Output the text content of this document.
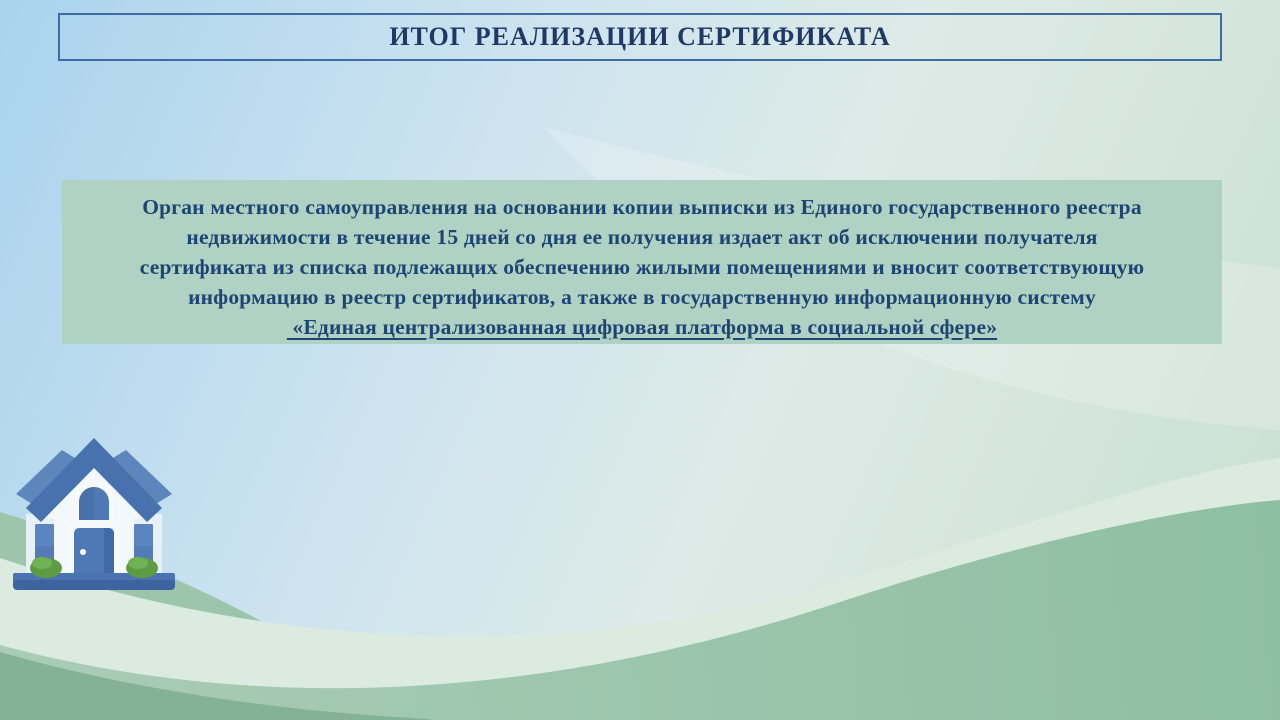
ИТОГ РЕАЛИЗАЦИИ СЕРТИФИКАТА
Орган местного самоуправления на основании копии выписки из Единого государственного реестра
недвижимости в течение 15 дней со дня ее получения издает акт об исключении получателя
сертификата из списка подлежащих обеспечению жилыми помещениями и вносит соответствующую
информацию в реестр сертификатов, а также в государственную информационную систему
«Единая централизованная цифровая платформа в социальной сфере»
